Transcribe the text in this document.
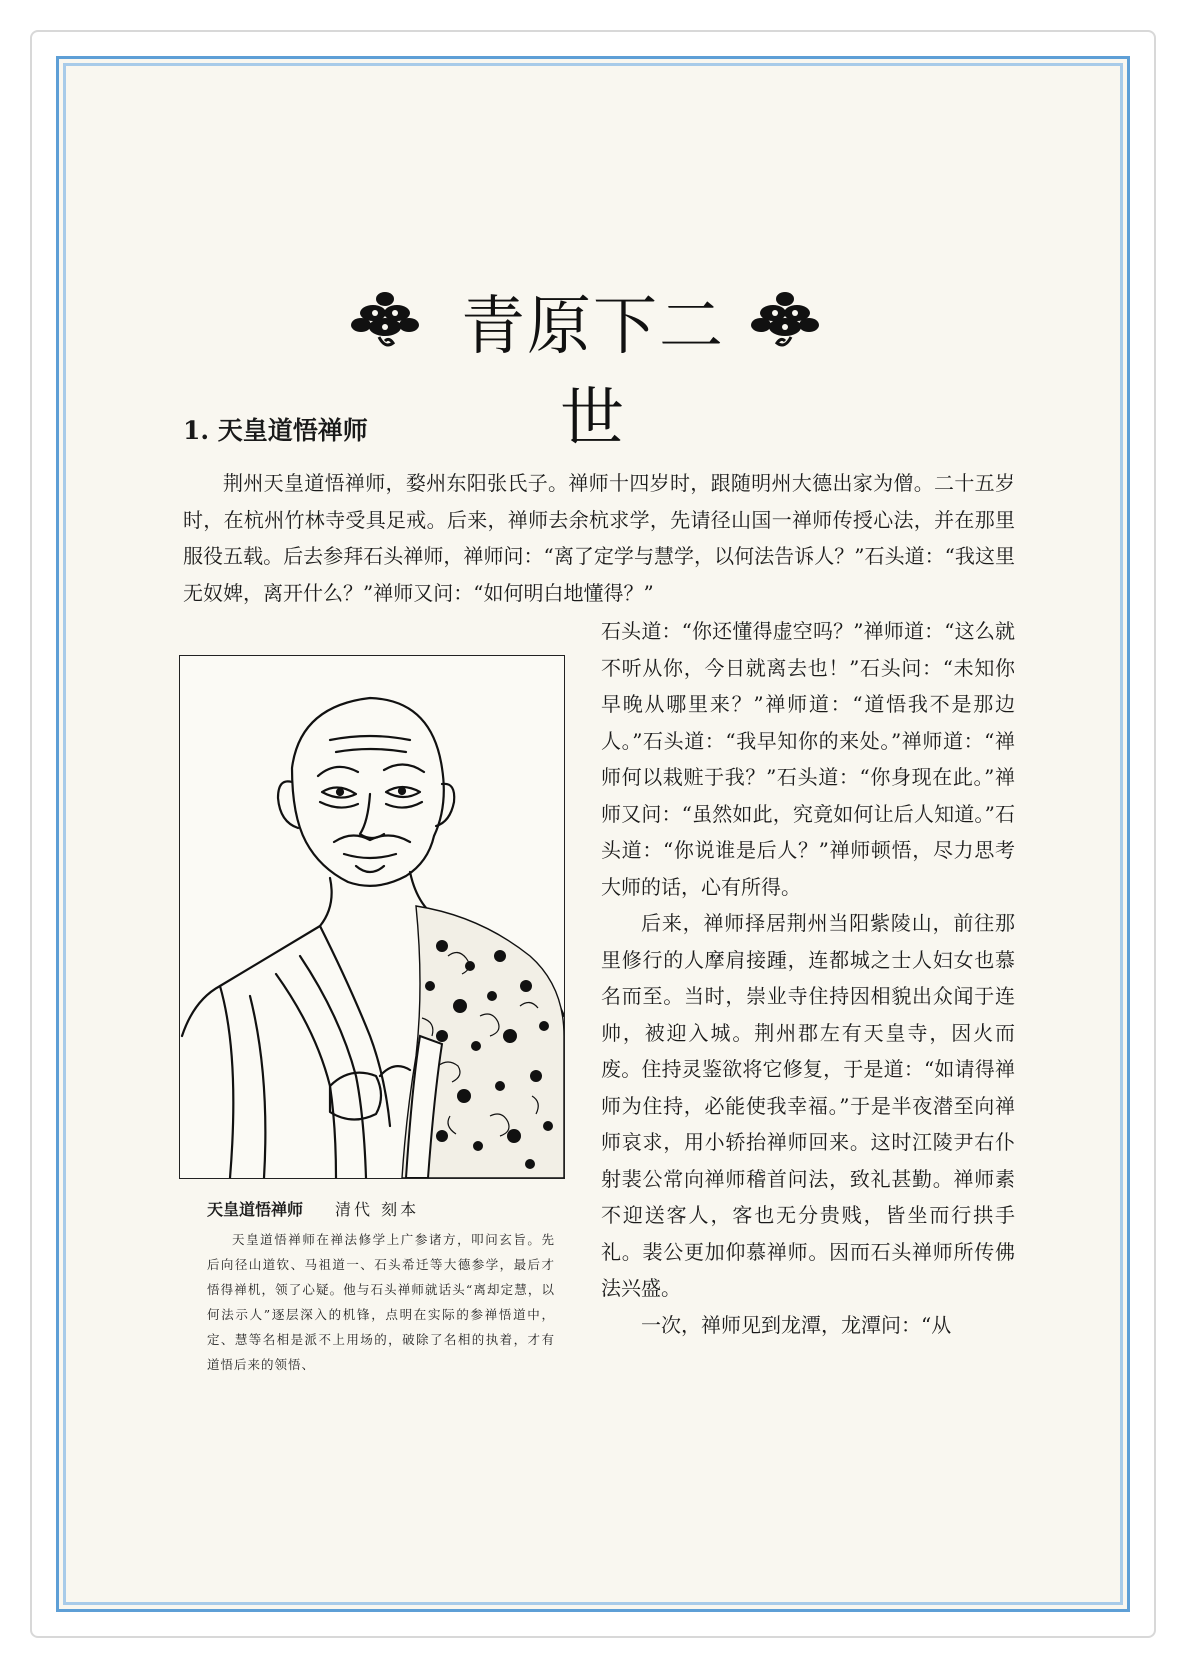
青原下二世
1. 天皇道悟禅师
荆州天皇道悟禅师，婺州东阳张氏子。禅师十四岁时，跟随明州大德出家为僧。二十五岁时，在杭州竹林寺受具足戒。后来，禅师去余杭求学，先请径山国一禅师传授心法，并在那里服役五载。后去参拜石头禅师，禅师问：“离了定学与慧学，以何法告诉人？”石头道：“我这里无奴婢，离开什么？”禅师又问：“如何明白地懂得？”
天皇道悟禅师 清代 刻本
天皇道悟禅师在禅法修学上广参诸方，叩问玄旨。先后向径山道钦、马祖道一、石头希迁等大德参学，最后才悟得禅机，领了心疑。他与石头禅师就话头“离却定慧，以何法示人”逐层深入的机锋，点明在实际的参禅悟道中，定、慧等名相是派不上用场的，破除了名相的执着，才有道悟后来的领悟、

石头道：“你还懂得虚空吗？”禅师道：“这么就不听从你，今日就离去也！”石头问：“未知你早晚从哪里来？”禅师道：“道悟我不是那边人。”石头道：“我早知你的来处。”禅师道：“禅师何以栽赃于我？”石头道：“你身现在此。”禅师又问：“虽然如此，究竟如何让后人知道。”石头道：“你说谁是后人？”禅师顿悟，尽力思考大师的话，心有所得。

后来，禅师择居荆州当阳紫陵山，前往那里修行的人摩肩接踵，连都城之士人妇女也慕名而至。当时，崇业寺住持因相貌出众闻于连帅，被迎入城。荆州郡左有天皇寺，因火而废。住持灵鉴欲将它修复，于是道：“如请得禅师为住持，必能使我幸福。”于是半夜潜至向禅师哀求，用小轿抬禅师回来。这时江陵尹右仆射裴公常向禅师稽首问法，致礼甚勤。禅师素不迎送客人，客也无分贵贱，皆坐而行拱手礼。裴公更加仰慕禅师。因而石头禅师所传佛法兴盛。

一次，禅师见到龙潭，龙潭问：“从
